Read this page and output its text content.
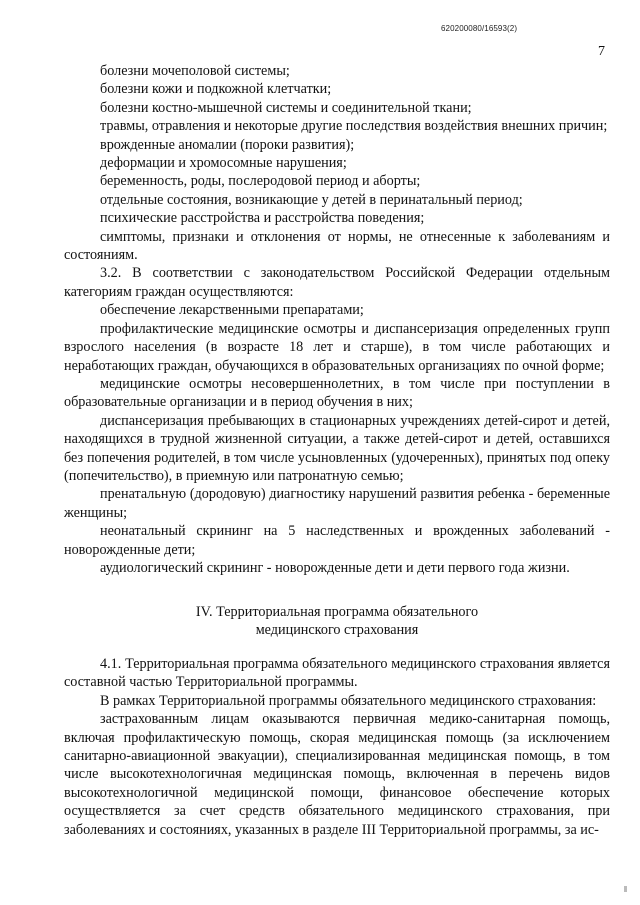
620200080/16593(2)
7

болезни мочеполовой системы;

болезни кожи и подкожной клетчатки;

болезни костно-мышечной системы и соединительной ткани;

травмы, отравления и некоторые другие последствия воздействия внешних причин;

врожденные аномалии (пороки развития);

деформации и хромосомные нарушения;

беременность, роды, послеродовой период и аборты;

отдельные состояния, возникающие у детей в перинатальный период;

психические расстройства и расстройства поведения;

симптомы, признаки и отклонения от нормы, не отнесенные к заболеваниям и состояниям.

3.2. В соответствии с законодательством Российской Федерации отдельным категориям граждан осуществляются:

обеспечение лекарственными препаратами;

профилактические медицинские осмотры и диспансеризация определенных групп взрослого населения (в возрасте 18 лет и старше), в том числе работающих и неработающих граждан, обучающихся в образовательных организациях по очной форме;

медицинские осмотры несовершеннолетних, в том числе при поступлении в образовательные организации и в период обучения в них;

диспансеризация пребывающих в стационарных учреждениях детей-сирот и детей, находящихся в трудной жизненной ситуации, а также детей-сирот и детей, оставшихся без попечения родителей, в том числе усыновленных (удочеренных), принятых под опеку (попечительство), в приемную или патронатную семью;

пренатальную (дородовую) диагностику нарушений развития ребенка - беременные женщины;

неонатальный скрининг на 5 наследственных и врожденных заболеваний - новорожденные дети;

аудиологический скрининг - новорожденные дети и дети первого года жизни.

IV. Территориальная программа обязательного
медицинского страхования

4.1. Территориальная программа обязательного медицинского страхования является составной частью Территориальной программы.

В рамках Территориальной программы обязательного медицинского страхования:

застрахованным лицам оказываются первичная медико-санитарная помощь, включая профилактическую помощь, скорая медицинская помощь (за исключением санитарно-авиационной эвакуации), специализированная медицинская помощь, в том числе высокотехнологичная медицинская помощь, включенная в перечень видов высокотехнологичной медицинской помощи, финансовое обеспечение которых осуществляется за счет средств обязательного медицинского страхования, при заболеваниях и состояниях, указанных в разделе III Территориальной программы, за ис-
